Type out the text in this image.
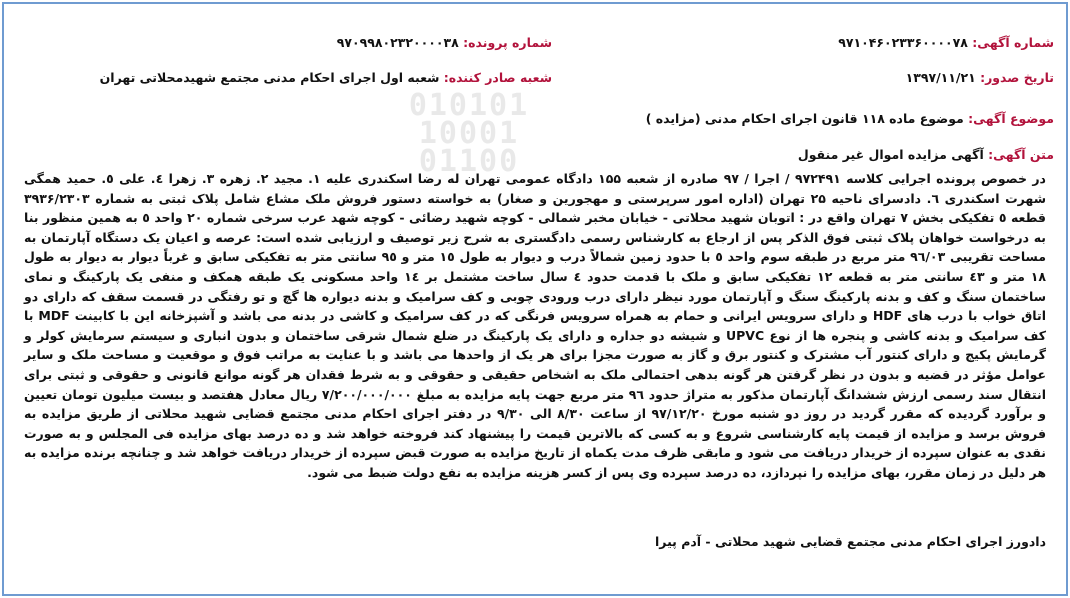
010101
10001
01100
شماره آگهی: ۹۷۱۰۴۶۰۲۳۳۶۰۰۰۰۷۸
شماره پرونده: ۹۷۰۹۹۸۰۲۳۲۰۰۰۰۳۸
تاریخ صدور: ۱۳۹۷/۱۱/۲۱
شعبه صادر کننده: شعبه اول اجرای احکام مدنی مجتمع شهیدمحلاتی تهران
موضوع آگهی: موضوع ماده ۱۱۸ قانون اجرای احکام مدنی (مزایده )
متن آگهی: آگهی مزایده اموال غیر منقول

در خصوص پرونده اجرایی کلاسه ۹۷۲۴۹۱ / اجرا / ۹۷ صادره از شعبه ۱۵۵ دادگاه عمومی تهران له رضا اسکندری علیه ۱. مجید ۲. زهره ۳. زهرا ٤. علی ٥. حمید همگی شهرت اسکندری ٦. دادسرای ناحیه ۲۵ تهران (اداره امور سرپرستی و مهجورین و صغار) به خواسته دستور فروش ملک مشاع شامل پلاک ثبتی به شماره ۳۹۳۶/۲۳۰۳ قطعه ٥ تفکیکی بخش ۷ تهران واقع در : اتوبان شهید محلاتی - خیابان مخبر شمالی - کوچه شهید رضائی - کوچه شهد عرب سرخی شماره ۲۰ واحد ٥ به همین منظور بنا به درخواست خواهان پلاک ثبتی فوق الذکر پس از ارجاع به کارشناس رسمی دادگستری به شرح زیر توصیف و ارزیابی شده است: عرصه و اعیان یک دستگاه آپارتمان به مساحت تقریبی ۹٦/۰۳ متر مربع در طبقه سوم واحد ٥ با حدود زمین شمالاً درب و دیوار به طول ۱٥ متر و ۹٥ سانتی متر به تفکیکی سابق و غرباً دیوار به دیوار به طول ۱۸ متر و ٤۳ سانتی متر به قطعه ۱۲ تفکیکی سابق و ملک با قدمت حدود ٤ سال ساخت مشتمل بر ۱٤ واحد مسکونی یک طبقه همکف و منفی یک پارکینگ و نمای ساختمان سنگ و کف و بدنه پارکینگ سنگ و آپارتمان مورد نیظر دارای درب ورودی چوبی و کف سرامیک و بدنه دیواره ها گچ و تو رفتگی در قسمت سقف که دارای دو اتاق خواب با درب های HDF و دارای سرویس ایرانی و حمام به همراه سرویس فرنگی که در کف سرامیک و کاشی در بدنه می باشد و آشپزخانه این با کابینت MDF با کف سرامیک و بدنه کاشی و پنجره ها از نوع UPVC و شیشه دو جداره و دارای یک پارکینگ در ضلع شمال شرقی ساختمان و بدون انباری و سیستم سرمایش کولر و گرمایش پکیج و دارای کنتور آب مشترک و کنتور برق و گاز به صورت مجزا برای هر یک از واحدها می باشد و با عنایت به مراتب فوق و موقعیت و مساحت ملک و سایر عوامل مؤثر در قضیه و بدون در نظر گرفتن هر گونه بدهی احتمالی ملک به اشخاص حقیقی و حقوقی و به شرط فقدان هر گونه موانع قانونی و حقوقی و ثبتی برای انتقال سند رسمی ارزش ششدانگ آپارتمان مذکور به متراژ حدود ۹٦ متر مربع جهت پایه مزایده به مبلغ ۷/۲۰۰/۰۰۰/۰۰۰ ریال معادل هفتصد و بیست میلیون تومان تعیین و برآورد گردیده که مقرر گردید در روز دو شنبه مورخ ۹۷/۱۲/۲۰ از ساعت ۸/۳۰ الی ۹/۳۰ در دفتر اجرای احکام مدنی مجتمع قضایی شهید محلاتی از طریق مزایده به فروش برسد و مزایده از قیمت پایه کارشناسی شروع و به کسی که بالاترین قیمت را پیشنهاد کند فروخته خواهد شد و ده درصد بهای مزایده فی المجلس و به صورت نقدی به عنوان سپرده از خریدار دریافت می شود و مابقی ظرف مدت یکماه از تاریخ مزایده به صورت قبض سپرده از خریدار دریافت خواهد شد و چنانچه برنده مزایده به هر دلیل در زمان مقرر، بهای مزایده را نپردازد، ده درصد سپرده وی پس از کسر هزینه مزایده به نفع دولت ضبط می شود.

دادورز اجرای احکام مدنی مجتمع قضایی شهید محلاتی - آدم پیرا
